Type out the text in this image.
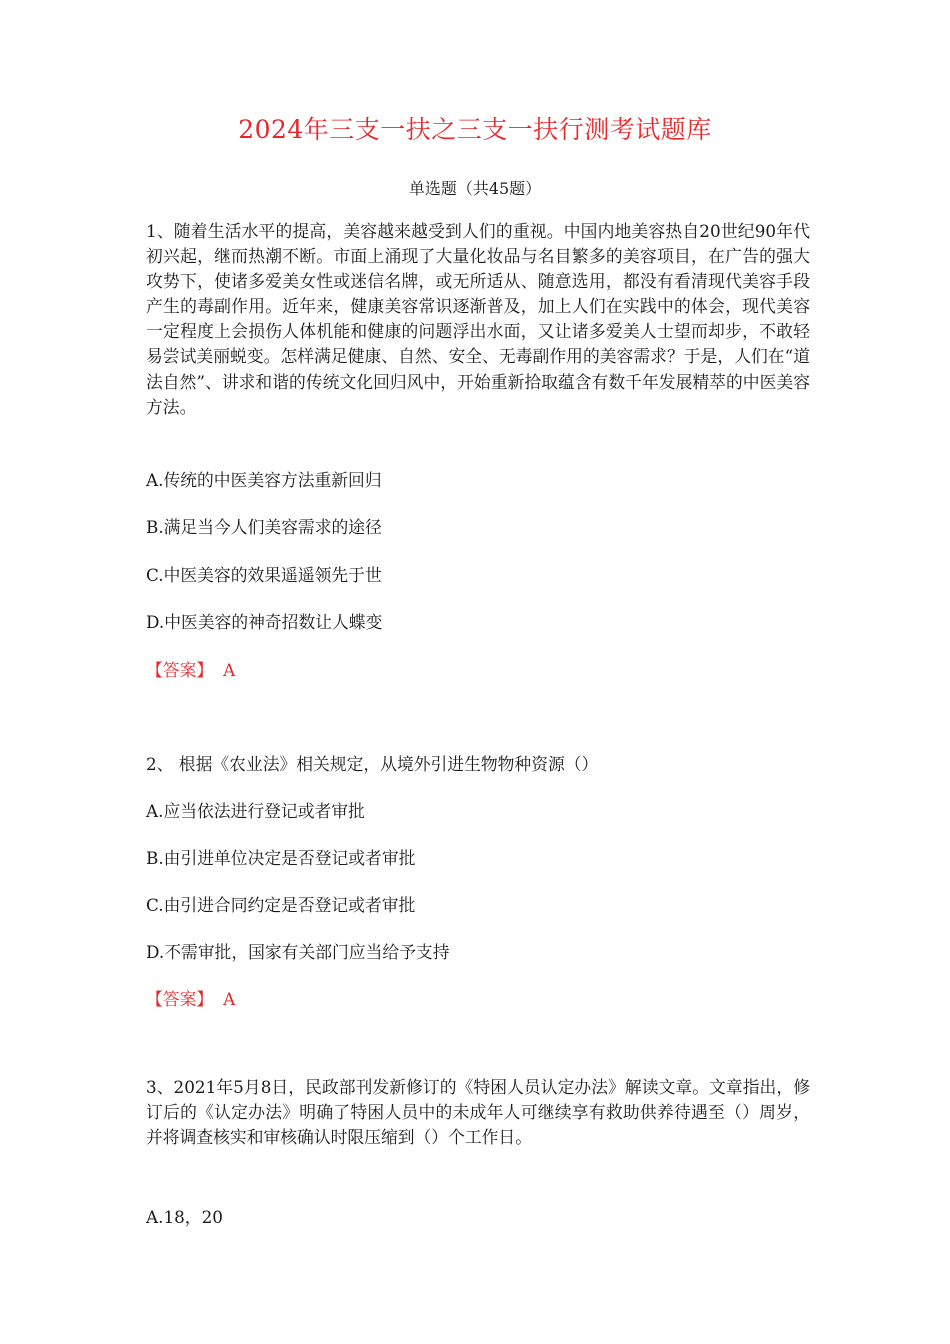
2024年三支一扶之三支一扶行测考试题库
单选题（共45题）
1、随着生活水平的提高，美容越来越受到人们的重视。中国内地美容热自20世纪90年代初兴起，继而热潮不断。市面上涌现了大量化妆品与名目繁多的美容项目，在广告的强大攻势下，使诸多爱美女性或迷信名牌，或无所适从、随意选用，都没有看清现代美容手段产生的毒副作用。近年来，健康美容常识逐渐普及，加上人们在实践中的体会，现代美容一定程度上会损伤人体机能和健康的问题浮出水面，又让诸多爱美人士望而却步，不敢轻易尝试美丽蜕变。怎样满足健康、自然、安全、无毒副作用的美容需求？于是，人们在“道法自然”、讲求和谐的传统文化回归风中，开始重新拾取蕴含有数千年发展精萃的中医美容方法。
A.传统的中医美容方法重新回归
B.满足当今人们美容需求的途径
C.中医美容的效果遥遥领先于世
D.中医美容的神奇招数让人蝶变
【答案】 A
2、 根据《农业法》相关规定，从境外引进生物物种资源（）
A.应当依法进行登记或者审批
B.由引进单位决定是否登记或者审批
C.由引进合同约定是否登记或者审批
D.不需审批，国家有关部门应当给予支持
【答案】 A
3、2021年5月8日，民政部刊发新修订的《特困人员认定办法》解读文章。文章指出，修订后的《认定办法》明确了特困人员中的未成年人可继续享有救助供养待遇至（）周岁，并将调查核实和审核确认时限压缩到（）个工作日。
A.18，20
